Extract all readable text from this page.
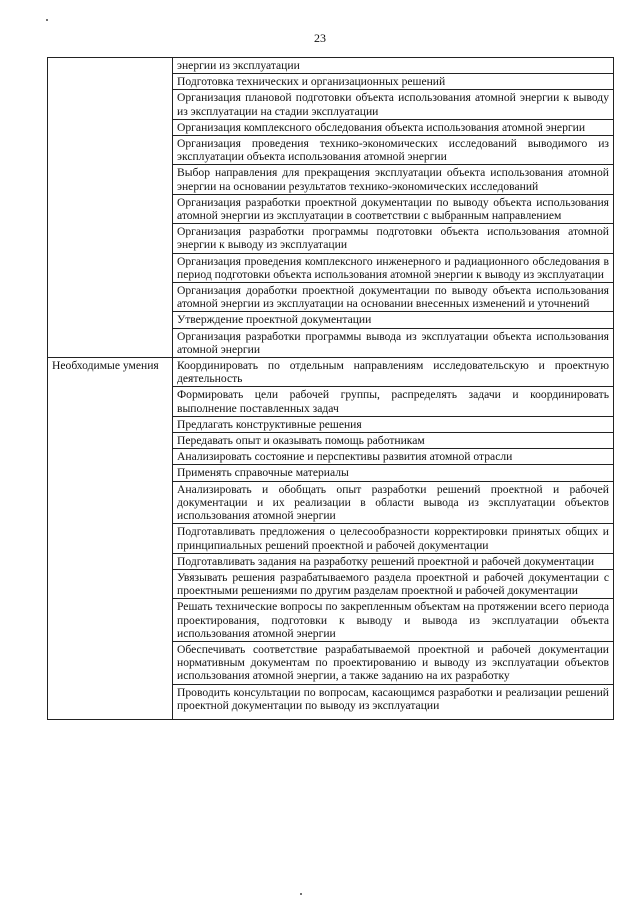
23
	энергии из эксплуатации
	Подготовка технических и организационных решений
	Организация плановой подготовки объекта использования атомной энергии к выводу из эксплуатации на стадии эксплуатации
	Организация комплексного обследования объекта использования атомной энергии
	Организация проведения технико-экономических исследований выводимого из эксплуатации объекта использования атомной энергии
	Выбор направления для прекращения эксплуатации объекта использования атомной энергии на основании результатов технико-экономических исследований
	Организация разработки проектной документации по выводу объекта использования атомной энергии из эксплуатации в соответствии с выбранным направлением
	Организация разработки программы подготовки объекта использования атомной энергии к выводу из эксплуатации
	Организация проведения комплексного инженерного и радиационного обследования в период подготовки объекта использования атомной энергии к выводу из эксплуатации
	Организация доработки проектной документации по выводу объекта использования атомной энергии из эксплуатации на основании внесенных изменений и уточнений
	Утверждение проектной документации
	Организация разработки программы вывода из эксплуатации объекта использования атомной энергии
Необходимые умения	Координировать по отдельным направлениям исследовательскую и проектную деятельность
	Формировать цели рабочей группы, распределять задачи и координировать выполнение поставленных задач
	Предлагать конструктивные решения
	Передавать опыт и оказывать помощь работникам
	Анализировать состояние и перспективы развития атомной отрасли
	Применять справочные материалы
	Анализировать и обобщать опыт разработки решений проектной и рабочей документации и их реализации в области вывода из эксплуатации объектов использования атомной энергии
	Подготавливать предложения о целесообразности корректировки принятых общих и принципиальных решений проектной и рабочей документации
	Подготавливать задания на разработку решений проектной и рабочей документации
	Увязывать решения разрабатываемого раздела проектной и рабочей документации с проектными решениями по другим разделам проектной и рабочей документации
	Решать технические вопросы по закрепленным объектам на протяжении всего периода проектирования, подготовки к выводу и вывода из эксплуатации объекта использования атомной энергии
	Обеспечивать соответствие разрабатываемой проектной и рабочей документации нормативным документам по проектированию и выводу из эксплуатации объектов использования атомной энергии, а также заданию на их разработку
	Проводить консультации по вопросам, касающимся разработки и реализации решений проектной документации по выводу из эксплуатации
